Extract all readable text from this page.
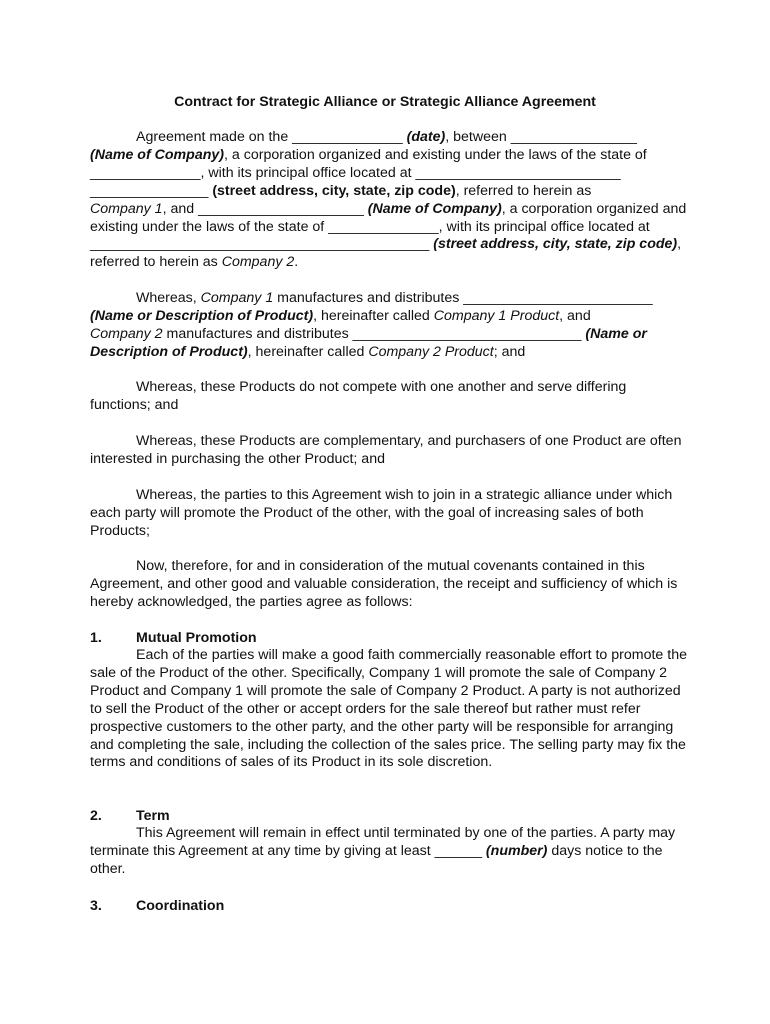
Contract for Strategic Alliance or Strategic Alliance Agreement
Agreement made on the ______________ (date), between ________________
(Name of Company), a corporation organized and existing under the laws of the state of ______________, with its principal office located at __________________________
_______________ (street address, city, state, zip code), referred to herein as
Company 1, and _____________________ (Name of Company), a corporation organized and existing under the laws of the state of ______________, with its principal office located at ___________________________________________ (street address, city, state, zip code), referred to herein as Company 2.
Whereas, Company 1 manufactures and distributes ________________________
(Name or Description of Product), hereinafter called Company 1 Product, and
Company 2 manufactures and distributes _____________________________ (Name or Description of Product), hereinafter called Company 2 Product; and
Whereas, these Products do not compete with one another and serve differing functions; and
Whereas, these Products are complementary, and purchasers of one Product are often interested in purchasing the other Product; and
Whereas, the parties to this Agreement wish to join in a strategic alliance under which each party will promote the Product of the other, with the goal of increasing sales of both Products;
Now, therefore, for and in consideration of the mutual covenants contained in this Agreement, and other good and valuable consideration, the receipt and sufficiency of which is hereby acknowledged, the parties agree as follows:
1. Mutual Promotion
Each of the parties will make a good faith commercially reasonable effort to promote the sale of the Product of the other. Specifically, Company 1 will promote the sale of Company 2 Product and Company 1 will promote the sale of Company 2 Product. A party is not authorized to sell the Product of the other or accept orders for the sale thereof but rather must refer prospective customers to the other party, and the other party will be responsible for arranging and completing the sale, including the collection of the sales price. The selling party may fix the terms and conditions of sales of its Product in its sole discretion.
2. Term
This Agreement will remain in effect until terminated by one of the parties. A party may terminate this Agreement at any time by giving at least ______ (number) days notice to the other.
3. Coordination
